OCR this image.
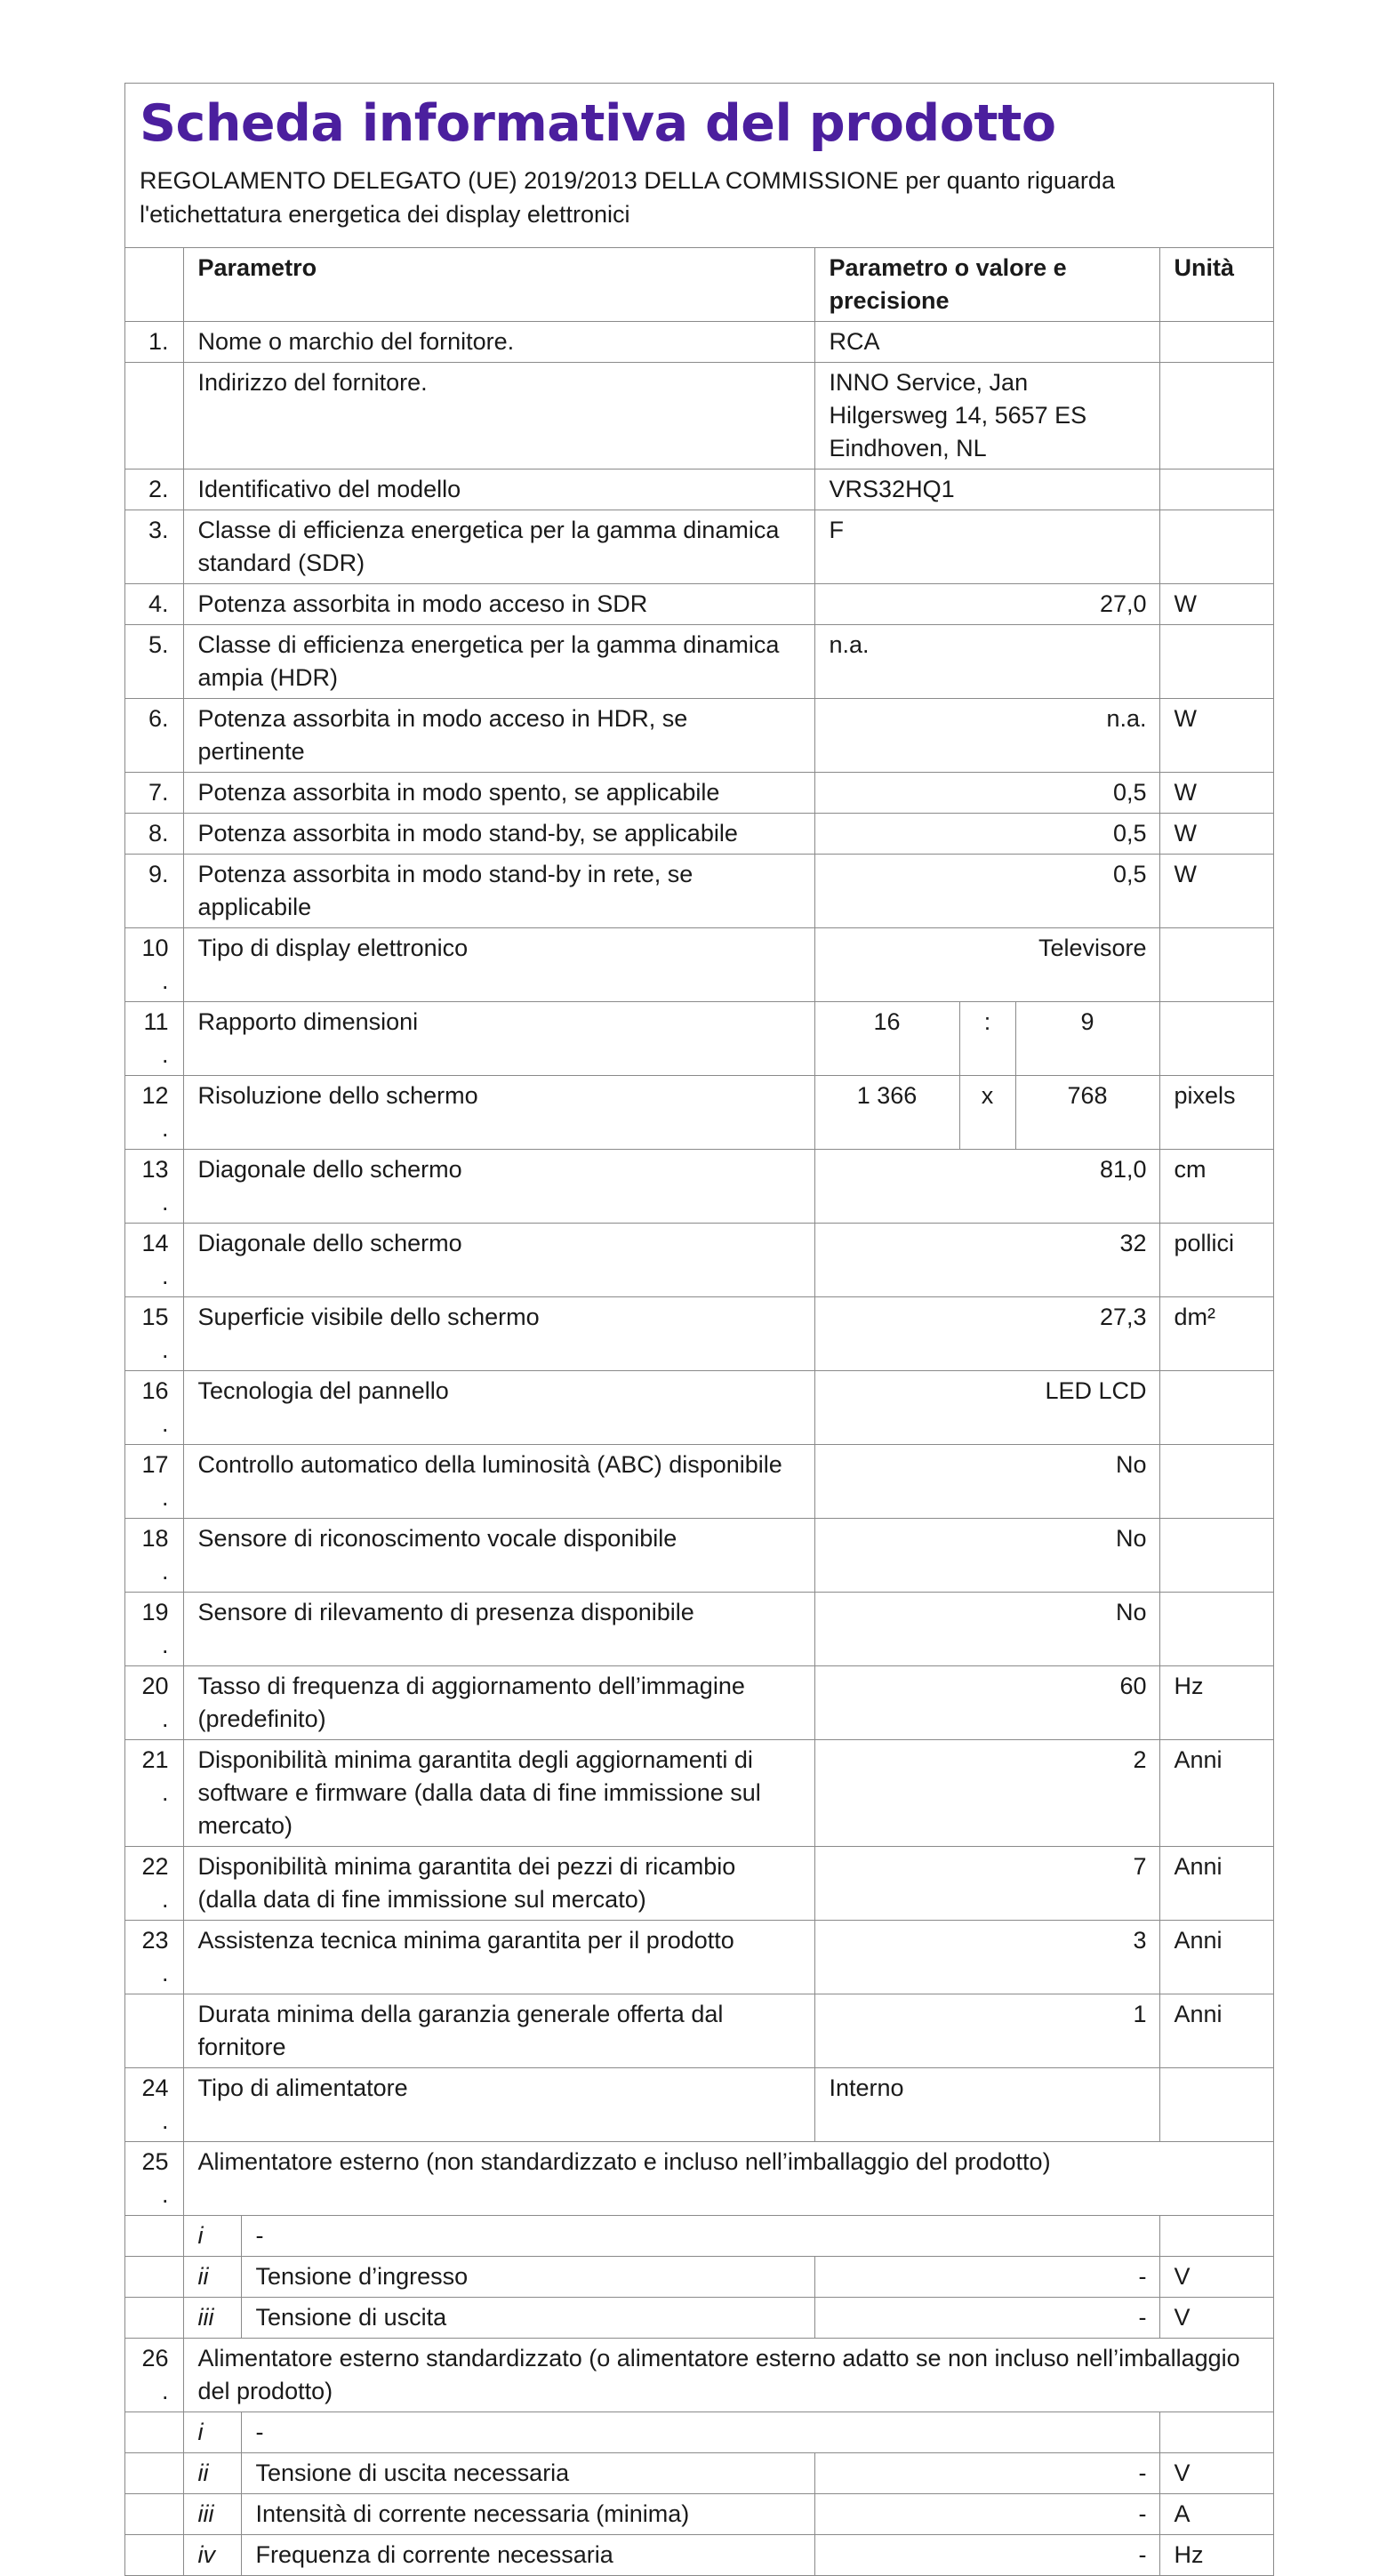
Scheda informativa del prodotto
REGOLAMENTO DELEGATO (UE) 2019/2013 DELLA COMMISSIONE per quanto riguarda l'etichettatura energetica dei display elettronici
	Parametro		Parametro o valore e precisione			Unità
1.	Nome o marchio del fornitore.		RCA			
	Indirizzo del fornitore.		INNO Service, Jan Hilgersweg 14, 5657 ES Eindhoven, NL			
2.	Identificativo del modello		VRS32HQ1			
3.	Classe di efficienza energetica per la gamma dinamica standard (SDR)		F			
4.	Potenza assorbita in modo acceso in SDR		27,0			W
5.	Classe di efficienza energetica per la gamma dinamica ampia (HDR)		n.a.			
6.	Potenza assorbita in modo acceso in HDR, se pertinente		n.a.			W
7.	Potenza assorbita in modo spento, se applicabile		0,5			W
8.	Potenza assorbita in modo stand-by, se applicabile		0,5			W
9.	Potenza assorbita in modo stand-by in rete, se applicabile		0,5			W
10.	Tipo di display elettronico		Televisore			
11.	Rapporto dimensioni		16	:	9	
12.	Risoluzione dello schermo		1 366	x	768	pixels
13.	Diagonale dello schermo		81,0			cm
14.	Diagonale dello schermo		32			pollici
15.	Superficie visibile dello schermo		27,3			dm²
16.	Tecnologia del pannello		LED LCD			
17.	Controllo automatico della luminosità (ABC) disponibile		No			
18.	Sensore di riconoscimento vocale disponibile		No			
19.	Sensore di rilevamento di presenza disponibile		No			
20.	Tasso di frequenza di aggiornamento dell’immagine (predefinito)		60			Hz
21.	Disponibilità minima garantita degli aggiornamenti di software e firmware (dalla data di fine immissione sul mercato)		2			Anni
22.	Disponibilità minima garantita dei pezzi di ricambio (dalla data di fine immissione sul mercato)		7			Anni
23.	Assistenza tecnica minima garantita per il prodotto		3			Anni
	Durata minima della garanzia generale offerta dal fornitore		1			Anni
24.	Tipo di alimentatore		Interno			
25.	Alimentatore esterno (non standardizzato e incluso nell’imballaggio del prodotto)					
	i	-				
	ii	Tensione d’ingresso	-			V
	iii	Tensione di uscita	-			V
26.	Alimentatore esterno standardizzato (o alimentatore esterno adatto se non incluso nell’imballaggio del prodotto)					
	i	-				
	ii	Tensione di uscita necessaria	-			V
	iii	Intensità di corrente necessaria (minima)	-			A
	iv	Frequenza di corrente necessaria	-			Hz
